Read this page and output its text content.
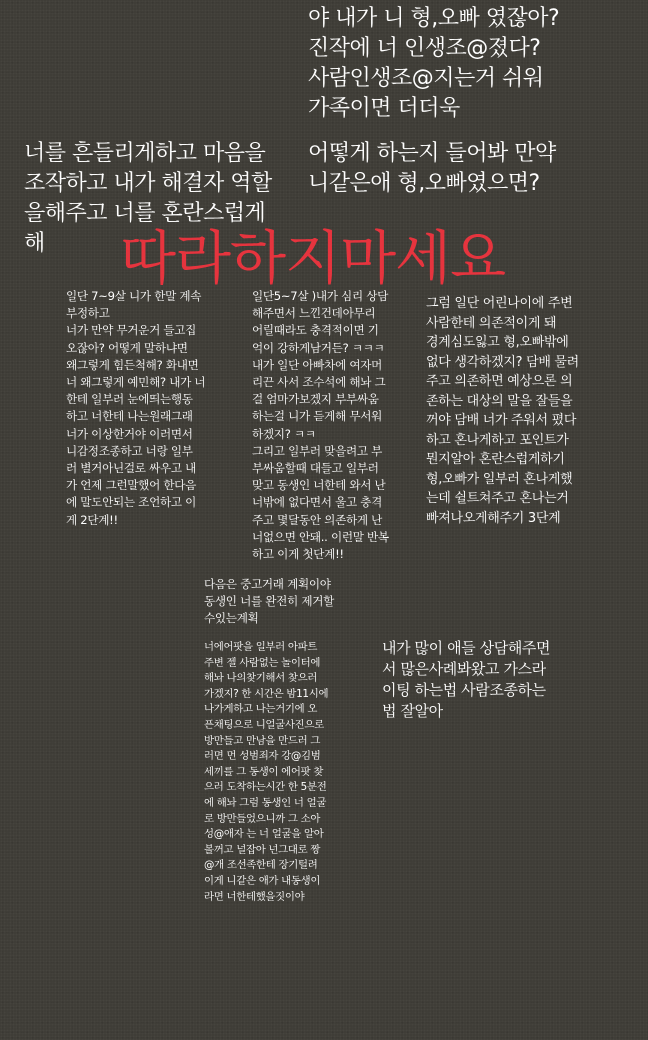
야 내가 니 형,오빠 였잖아?
진작에 너 인생조@졌다?
사람인생조@지는거 쉬워
가족이면 더더욱
너를 흔들리게하고 마음을
조작하고 내가 해결자 역할
을해주고 너를 혼란스럽게
해
어떻게 하는지 들어봐 만약
니같은애 형,오빠였으면?
따라하지마세요
일단 7~9살 니가 한말 계속
부정하고
너가 만약 무거운거 들고집
오잖아? 어떻게 말하냐면
왜그렇게 힘든척해? 화내면
너 왜그렇게 예민해? 내가 너
한테 일부러 눈에띄는행동
하고 너한테 나는원래그래
너가 이상한거야 이러면서
니감정조종하고 너랑 일부
러 별거아닌걸로 싸우고 내
가 언제 그런말했어 한다음
에 말도안되는 조언하고 이
게 2단계!!
일단5~7살 )내가 심리 상담
해주면서 느낀건데아무리
어릴때라도 충격적이면 기
억이 강하게남거든? ㅋㅋㅋ
내가 일단 아빠차에 여자머
리끈 사서 조수석에 해놔 그
걸 엄마가보겠지 부부싸움
하는걸 니가 듣게해 무서워
하겠지? ㅋㅋ
그리고 일부러 맞을려고 부
부싸움할때 대들고 일부러
맞고 동생인 너한테 와서 난
너밖에 없다면서 울고 충격
주고 몇달동안 의존하게 난
너없으면 안돼.. 이런말 반복
하고 이게 첫단계!!
그럼 일단 어린나이에 주변
사람한테 의존적이게 돼
경계심도잃고 형,오빠밖에
없다 생각하겠지? 담배 물려
주고 의존하면 예상으론 의
존하는 대상의 말을 잘들을
꺼야 담배 너가 주워서 폈다
하고 혼나게하고 포인트가
뭔지알아 혼란스럽게하기
형,오빠가 일부러 혼나게했
는데 쉴트쳐주고 혼나는거
빠져나오게해주기 3단계
다음은 중고거래 계획이야
동생인 너를 완전히 제거할
수있는계획
너에어팟을 일부러 아파트
주변 젤 사람없는 놀이터에
해놔 나의찾기해서 찾으러
가겠지? 한 시간은 밤11시에
나가게하고 나는거기에 오
픈채팅으로 니얼굴사진으로
방만들고 만남을 만드러 그
러면 먼 성범죄자 강@김범
세끼를 그 동생이 에어팟 찾
으러 도착하는시간 한 5분전
에 해놔 그럼 동생인 너 얼굴
로 방만들었으니까 그 소아
성@애자 는 너 얼굴을 알아
볼꺼고 널잡아 넌그대로 짱
@개 조선족한테 장기털려
이게 니같은 애가 내동생이
라면 너한테했을짓이야
내가 많이 애들 상담해주면
서 많은사례봐왔고 가스라
이팅 하는법 사람조종하는
법 잘알아
